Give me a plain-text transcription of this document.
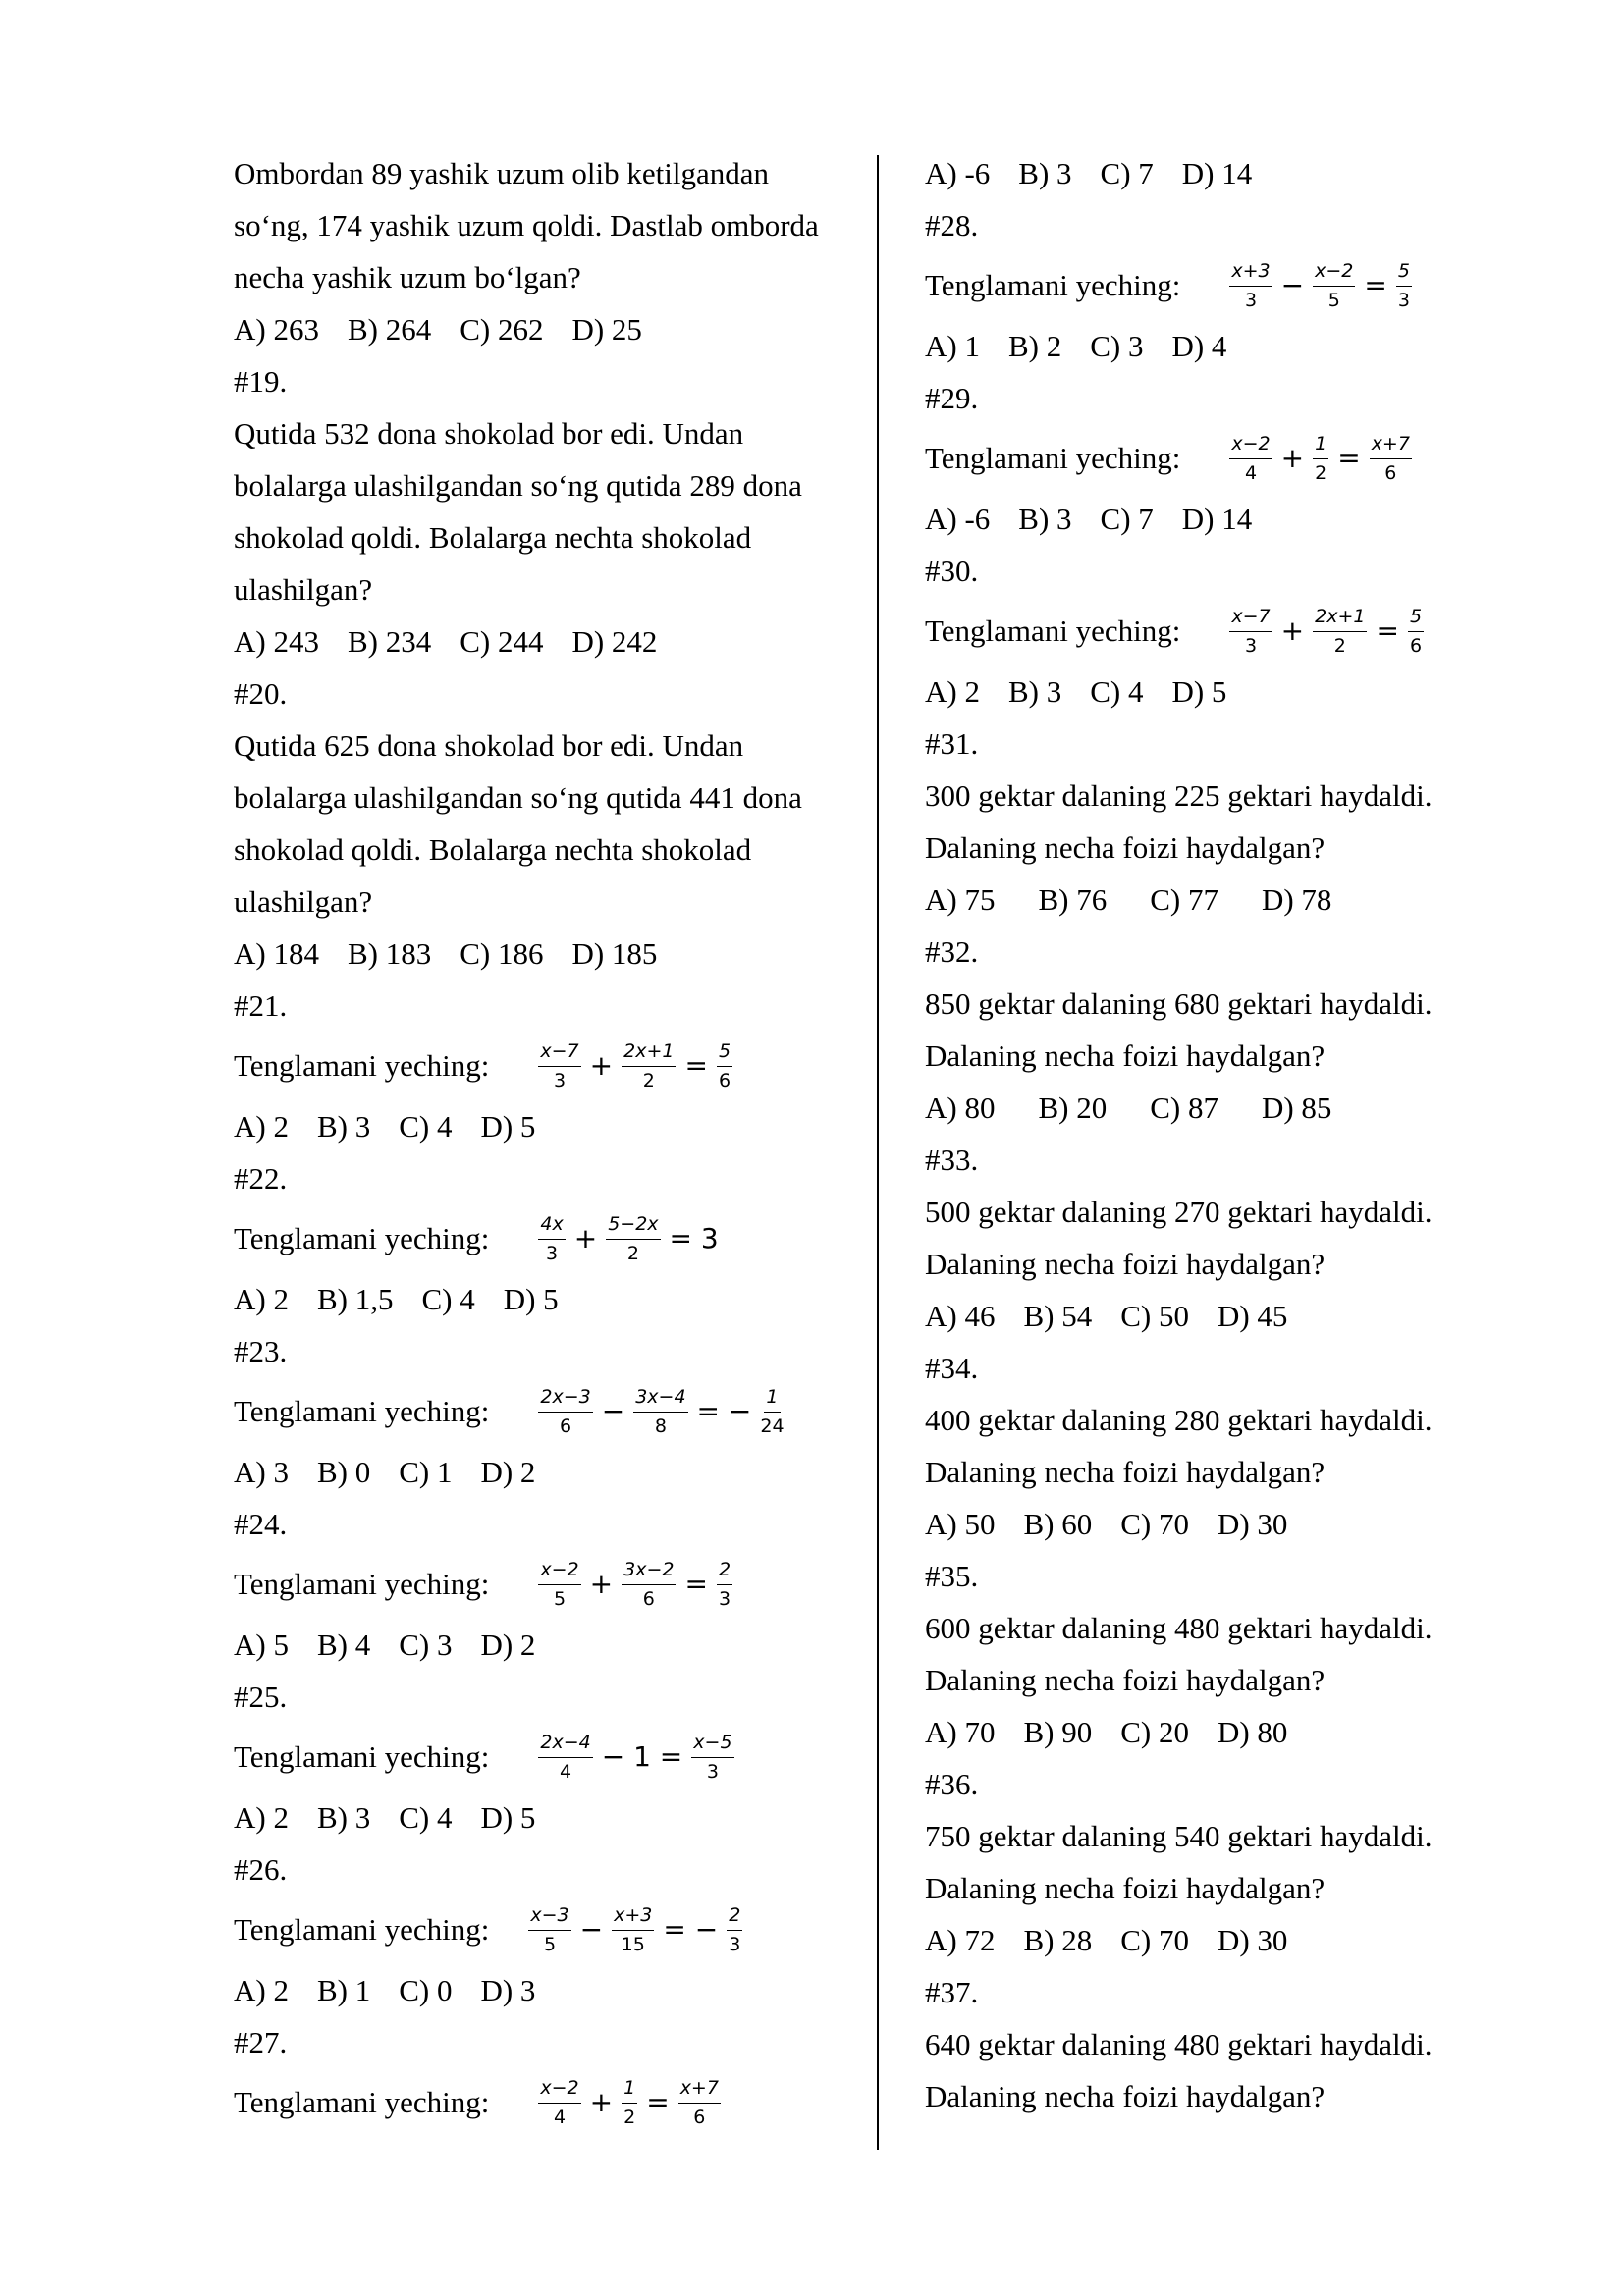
Ombordan 89 yashik uzum olib ketilgandan
so‘ng, 174 yashik uzum qoldi. Dastlab omborda
necha yashik uzum bo‘lgan?
A) 263 B) 264 C) 262 D) 25
#19.
Qutida 532 dona shokolad bor edi. Undan
bolalarga ulashilgandan so‘ng qutida 289 dona
shokolad qoldi. Bolalarga nechta shokolad
ulashilgan?
A) 243 B) 234 C) 244 D) 242
#20.
Qutida 625 dona shokolad bor edi. Undan
bolalarga ulashilgandan so‘ng qutida 441 dona
shokolad qoldi. Bolalarga nechta shokolad
ulashilgan?
A) 184 B) 183 C) 186 D) 185
#21.
Tenglamani yeching:	$\frac{x-7}{3} + \frac{2x+1}{2} = \frac{5}{6}$
A) 2 B) 3 C) 4 D) 5
#22.
Tenglamani yeching:	$\frac{4x}{3} + \frac{5-2x}{2} = 3$
A) 2 B) 1,5 C) 4 D) 5
#23.
Tenglamani yeching:	$\frac{2x-3}{6} - \frac{3x-4}{8}$ = − $\frac{1}{24}$
A) 3 B) 0 C) 1 D) 2
#24.
Tenglamani yeching:	$\frac{x-2}{5} + \frac{3x-2}{6} = \frac{2}{3}$
A) 5 B) 4 C) 3 D) 2
#25.
Tenglamani yeching:	$\frac{2x-4}{4} - 1 = \frac{x-5}{3}$
A) 2 B) 3 C) 4 D) 5
#26.
Tenglamani yeching: $\frac{x-3}{5} - \frac{x+3}{15}$ = − $\frac{2}{3}$
A) 2 B) 1 C) 0 D) 3
#27.
Tenglamani yeching:	$\frac{x-2}{4} + \frac{1}{2} = \frac{x+7}{6}$
A) -6 B) 3 C) 7 D) 14
#28.
Tenglamani yeching:	$\frac{x+3}{3} - \frac{x-2}{5} = \frac{5}{3}$
A) 1 B) 2 C) 3 D) 4
#29.
Tenglamani yeching:	$\frac{x-2}{4} + \frac{1}{2} = \frac{x+7}{6}$
A) -6 B) 3 C) 7 D) 14
#30.
Tenglamani yeching:	$\frac{x-7}{3} + \frac{2x+1}{2} = \frac{5}{6}$
A) 2 B) 3 C) 4 D) 5
#31.
300 gektar dalaning 225 gektari haydaldi.
Dalaning necha foizi haydalgan?
A) 75 B) 76 C) 77 D) 78
#32.
850 gektar dalaning 680 gektari haydaldi.
Dalaning necha foizi haydalgan?
A) 80 B) 20 C) 87 D) 85
#33.
500 gektar dalaning 270 gektari haydaldi.
Dalaning necha foizi haydalgan?
A) 46 B) 54 C) 50 D) 45
#34.
400 gektar dalaning 280 gektari haydaldi.
Dalaning necha foizi haydalgan?
A) 50 B) 60 C) 70 D) 30
#35.
600 gektar dalaning 480 gektari haydaldi.
Dalaning necha foizi haydalgan?
A) 70 B) 90 C) 20 D) 80
#36.
750 gektar dalaning 540 gektari haydaldi.
Dalaning necha foizi haydalgan?
A) 72 B) 28 C) 70 D) 30
#37.
640 gektar dalaning 480 gektari haydaldi.
Dalaning necha foizi haydalgan?
